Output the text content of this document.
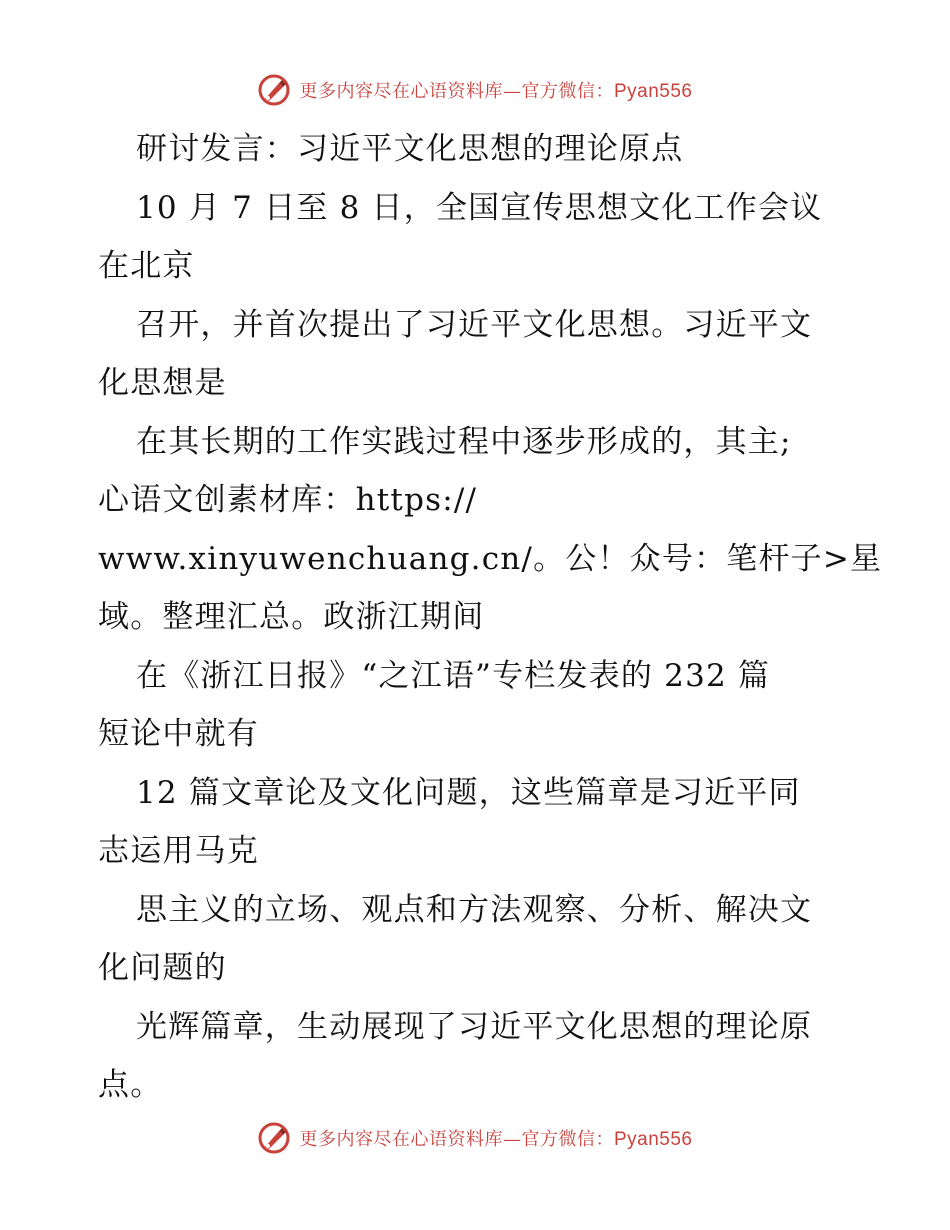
更多内容尽在心语资料库—官方微信：Pyan556
研讨发言：习近平文化思想的理论原点
10 月 7 日至 8 日，全国宣传思想文化工作会议
在北京
召开，并首次提出了习近平文化思想。习近平文
化思想是
在其长期的工作实践过程中逐步形成的，其主;
心语文创素材库：https://
www.xinyuwenchuang.cn/。公！众号：笔杆子>星
域。整理汇总。政浙江期间
在《浙江日报》“之江语”专栏发表的 232 篇
短论中就有
12 篇文章论及文化问题，这些篇章是习近平同
志运用马克
思主义的立场、观点和方法观察、分析、解决文
化问题的
光辉篇章，生动展现了习近平文化思想的理论原
点。
更多内容尽在心语资料库—官方微信：Pyan556
